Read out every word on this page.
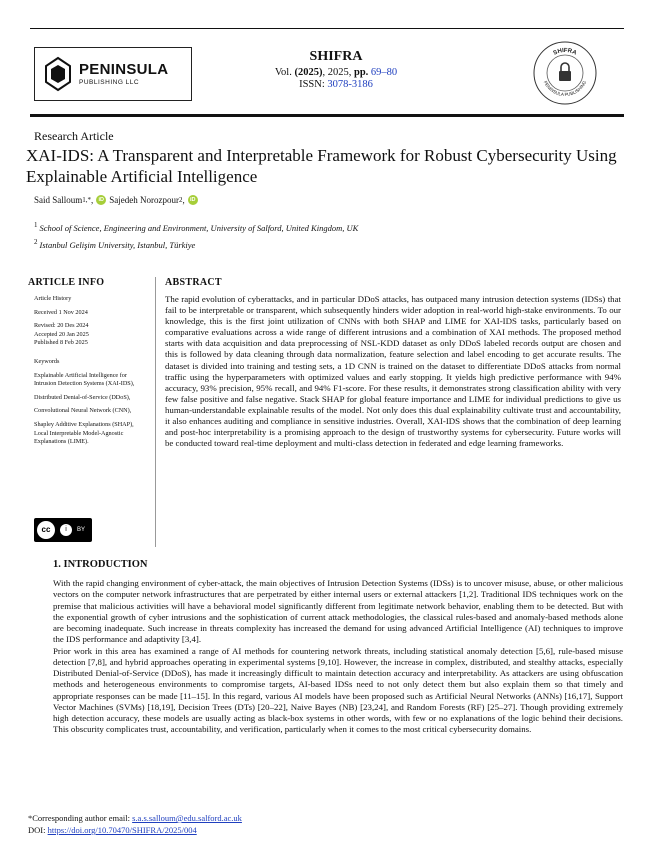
PENINSULA
PUBLISHING LLC
SHIFRA
Vol. (2025), 2025, pp. 69–80
ISSN: 3078-3186
SHIFRA
PENINSULA PUBLISHING
Research Article
XAI-IDS: A Transparent and Interpretable Framework for Robust Cybersecurity Using Explainable Artificial Intelligence
Said Salloum 1,* , iD Sajedeh Norozpour 2 , iD
$^1$ School of Science, Engineering and Environment, University of Salford, United Kingdom, UK
$^2$ Istanbul Gelişim University, Istanbul, Türkiye
ARTICLE INFO
Article History
Received 1 Nov 2024
Revised: 20 Des 2024
Accepted 20 Jan 2025
Published 8 Feb 2025
Keywords
Explainable Artificial Intelligence for Intrusion Detection Systems (XAI-IDS),
Distributed Denial-of-Service (DDoS),
Convolutional Neural Network (CNN),
Shapley Additive Explanations (SHAP), Local Interpretable Model-Agnostic Explanations (LIME).
cc	i	BY
ABSTRACT
The rapid evolution of cyberattacks, and in particular DDoS attacks, has outpaced many intrusion detection systems (IDSs) that fail to be interpretable or transparent, which subsequently hinders wider adoption in real-world high-stake environments. To our knowledge, this is the first joint utilization of CNNs with both SHAP and LIME for XAI-IDS tasks, particularly based on comparative evaluations across a wide range of different intrusions and a combination of XAI methods. The proposed method starts with data acquisition and data preprocessing of NSL-KDD dataset as only DDoS labeled records output are chosen and this is followed by data cleaning through data normalization, feature selection and label encoding to get accurate results. The dataset is divided into training and testing sets, a 1D CNN is trained on the dataset to differentiate DDoS attacks from normal traffic using the hyperparameters with optimized values and early stopping. It yields high predictive performance with 94% accuracy, 93% precision, 95% recall, and 94% F1-score. For these results, it demonstrates strong classification ability with very few false positive and false negative. Stack SHAP for global feature importance and LIME for individual predictions to give us human-understandable explainable results of the model. Not only does this dual explainability cultivate trust and accountability, it also enhances auditing and compliance in sensitive industries. Overall, XAI-IDS shows that the combination of deep learning and post-hoc interpretability is a promising approach to the design of trustworthy systems for cybersecurity. Future works will be conducted toward real-time deployment and multi-class detection in federated and edge learning frameworks.
1. INTRODUCTION

With the rapid changing environment of cyber-attack, the main objectives of Intrusion Detection Systems (IDSs) is to uncover misuse, abuse, or other malicious vectors on the computer network infrastructures that are perpetrated by either internal users or external attackers [1,2]. Traditional IDS techniques work on the premise that malicious activities will have a behavioral model significantly different from legitimate network behavior, enabling them to be detected. But with the exponential growth of cyber intrusions and the sophistication of current attack methodologies, the classical rules-based and anomaly-based methods alone are becoming inadequate. Such increase in threats complexity has increased the demand for using advanced Artificial Intelligence (AI) techniques to improve the IDS performance and adaptivity [3,4].

Prior work in this area has examined a range of AI methods for countering network threats, including statistical anomaly detection [5,6], rule-based misuse detection [7,8], and hybrid approaches operating in experimental systems [9,10]. However, the increase in complex, distributed, and stealthy attacks, especially Distributed Denial-of-Service (DDoS), has made it increasingly difficult to maintain detection accuracy and interpretability. As attackers are using obfuscation methods and heterogeneous environments to compromise targets, AI-based IDSs need to not only detect them but also explain them so that timely and appropriate responses can be made [11–15]. In this regard, various AI models have been proposed such as Artificial Neural Networks (ANNs) [16,17], Support Vector Machines (SVMs) [18,19], Decision Trees (DTs) [20–22], Naive Bayes (NB) [23,24], and Random Forests (RF) [25–27]. Though providing extremely high detection accuracy, these models are usually acting as black-box systems in other words, with few or no explanations of the logic behind their decisions. This obscurity complicates trust, accountability, and verification, particularly when it comes to the most critical cybersecurity domains.

*Corresponding author email: s.a.s.salloum@edu.salford.ac.uk
DOI: https://doi.org/10.70470/SHIFRA/2025/004
